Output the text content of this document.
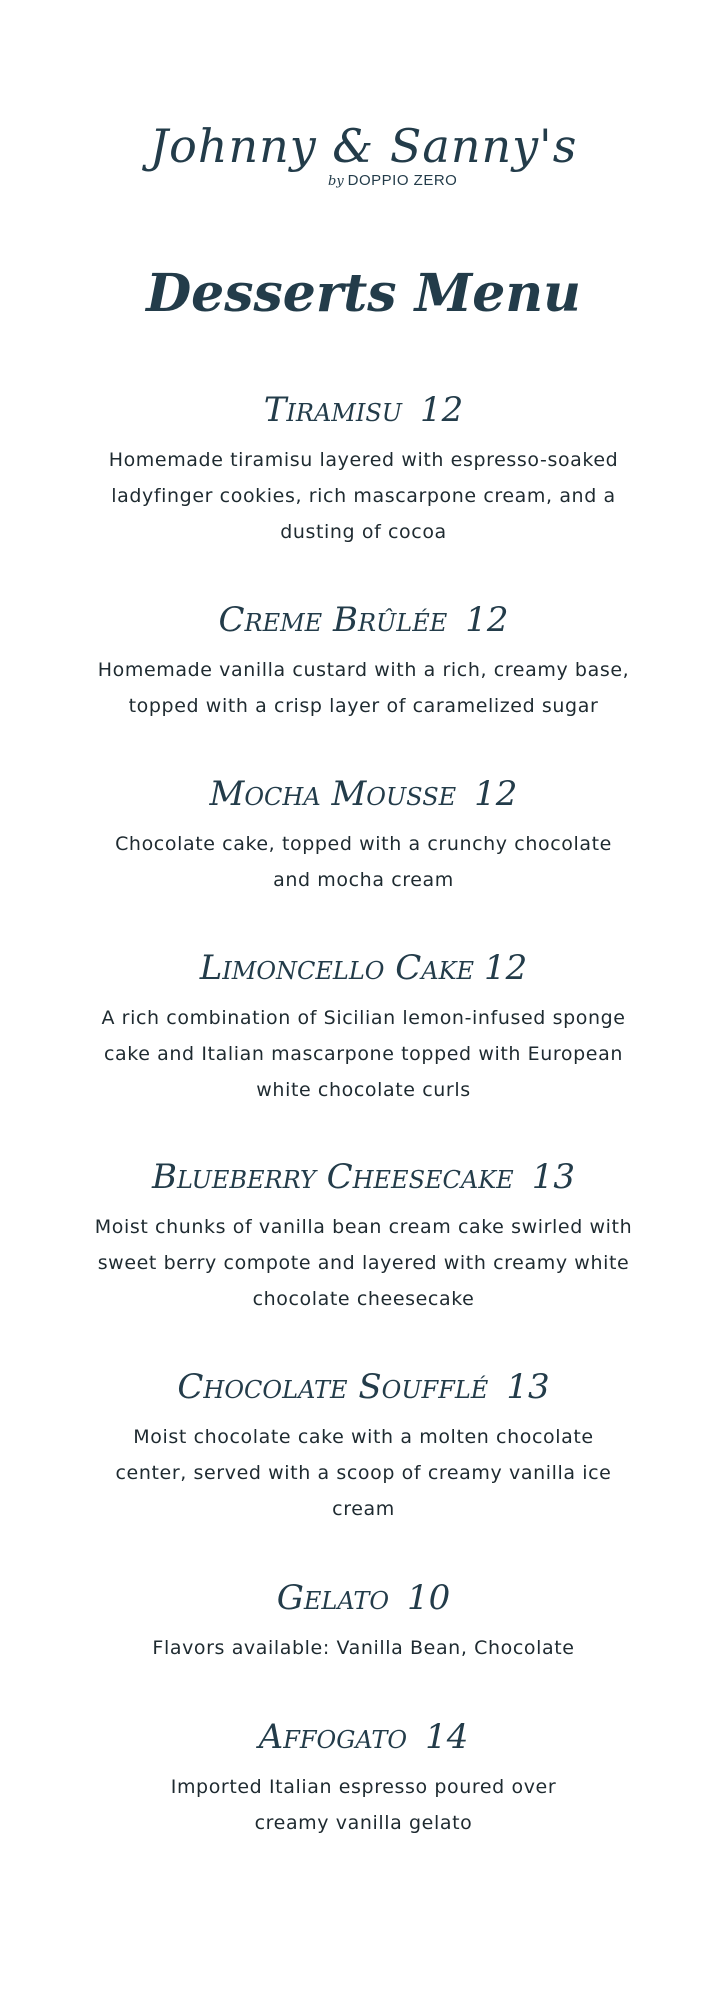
Johnny & Sanny's
by DOPPIO ZERO
Desserts Menu
Tiramisu 12
Homemade tiramisu layered with espresso-soaked ladyfinger cookies, rich mascarpone cream, and a dusting of cocoa
Creme Brûlée 12
Homemade vanilla custard with a rich, creamy base, topped with a crisp layer of caramelized sugar
Mocha Mousse 12
Chocolate cake, topped with a crunchy chocolate and mocha cream
Limoncello Cake 12
A rich combination of Sicilian lemon-infused sponge cake and Italian mascarpone topped with European white chocolate curls
Blueberry Cheesecake 13
Moist chunks of vanilla bean cream cake swirled with sweet berry compote and layered with creamy white chocolate cheesecake
Chocolate Soufflé 13
Moist chocolate cake with a molten chocolate center, served with a scoop of creamy vanilla ice cream
Gelato 10
Flavors available: Vanilla Bean, Chocolate
Affogato 14
Imported Italian espresso poured over creamy vanilla gelato
